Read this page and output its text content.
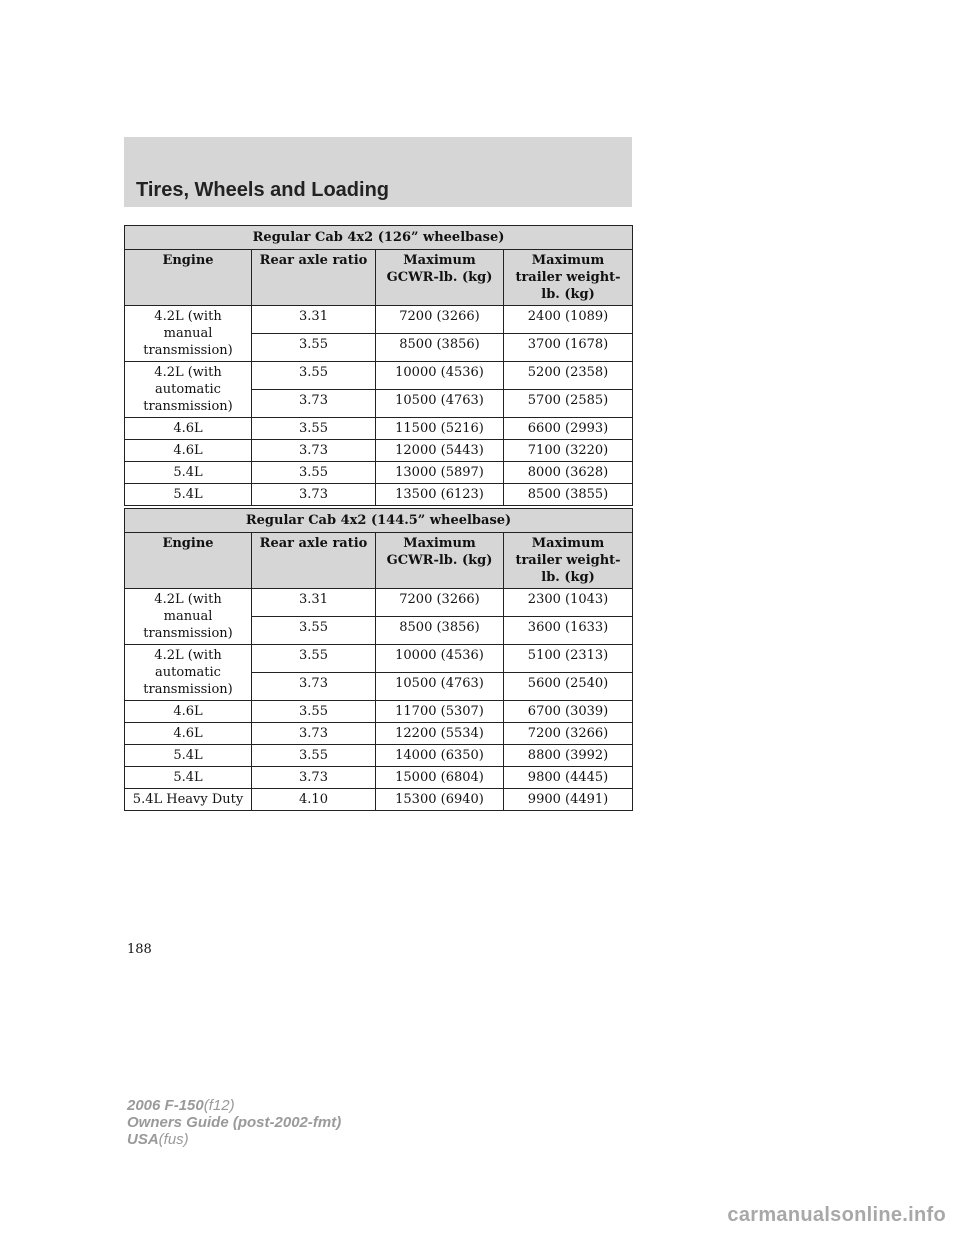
Tires, Wheels and Loading
Regular Cab 4x2 (126” wheelbase)			
Engine	Rear axle ratio	Maximum GCWR-lb. (kg)	Maximum trailer weight-lb. (kg)
4.2L (with manual transmission)	3.31	7200 (3266)	2400 (1089)
	3.55	8500 (3856)	3700 (1678)
4.2L (with automatic transmission)	3.55	10000 (4536)	5200 (2358)
	3.73	10500 (4763)	5700 (2585)
4.6L	3.55	11500 (5216)	6600 (2993)
4.6L	3.73	12000 (5443)	7100 (3220)
5.4L	3.55	13000 (5897)	8000 (3628)
5.4L	3.73	13500 (6123)	8500 (3855)
Regular Cab 4x2 (144.5” wheelbase)			
Engine	Rear axle ratio	Maximum GCWR-lb. (kg)	Maximum trailer weight-lb. (kg)
4.2L (with manual transmission)	3.31	7200 (3266)	2300 (1043)
	3.55	8500 (3856)	3600 (1633)
4.2L (with automatic transmission)	3.55	10000 (4536)	5100 (2313)
	3.73	10500 (4763)	5600 (2540)
4.6L	3.55	11700 (5307)	6700 (3039)
4.6L	3.73	12200 (5534)	7200 (3266)
5.4L	3.55	14000 (6350)	8800 (3992)
5.4L	3.73	15000 (6804)	9800 (4445)
5.4L Heavy Duty	4.10	15300 (6940)	9900 (4491)
188
2006 F-150(f12)
Owners Guide (post-2002-fmt)
USA(fus)
carmanualsonline.info
